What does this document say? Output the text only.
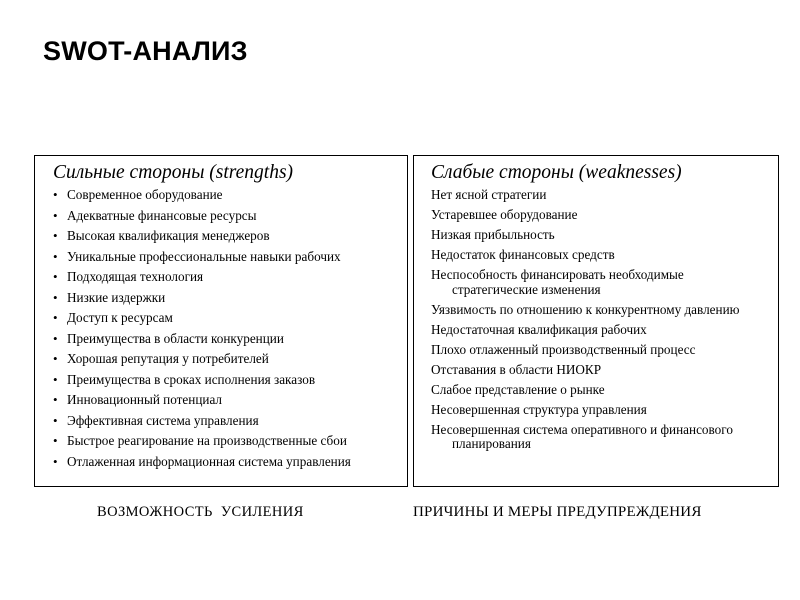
SWOT-АНАЛИЗ
Сильные стороны (strengths)
• Современное оборудование
• Адекватные финансовые ресурсы
• Высокая квалификация менеджеров
• Уникальные профессиональные навыки рабочих
• Подходящая технология
• Низкие издержки
• Доступ к ресурсам
• Преимущества в области конкуренции
• Хорошая репутация у потребителей
• Преимущества в сроках исполнения заказов
• Инновационный потенциал
• Эффективная система управления
• Быстрое реагирование на производственные сбои
• Отлаженная информационная система управления
Слабые стороны (weaknesses)
Нет ясной стратегии
Устаревшее оборудование
Низкая прибыльность
Недостаток финансовых средств
Неспособность финансировать необходимые стратегические изменения
Уязвимость по отношению к конкурентному давлению
Недостаточная квалификация рабочих
Плохо отлаженный производственный процесс
Отставания в области НИОКР
Слабое представление о рынке
Несовершенная структура управления
Несовершенная система оперативного и финансового планирования
ВОЗМОЖНОСТЬ  УСИЛЕНИЯ	ПРИЧИНЫ И МЕРЫ ПРЕДУПРЕЖДЕНИЯ
